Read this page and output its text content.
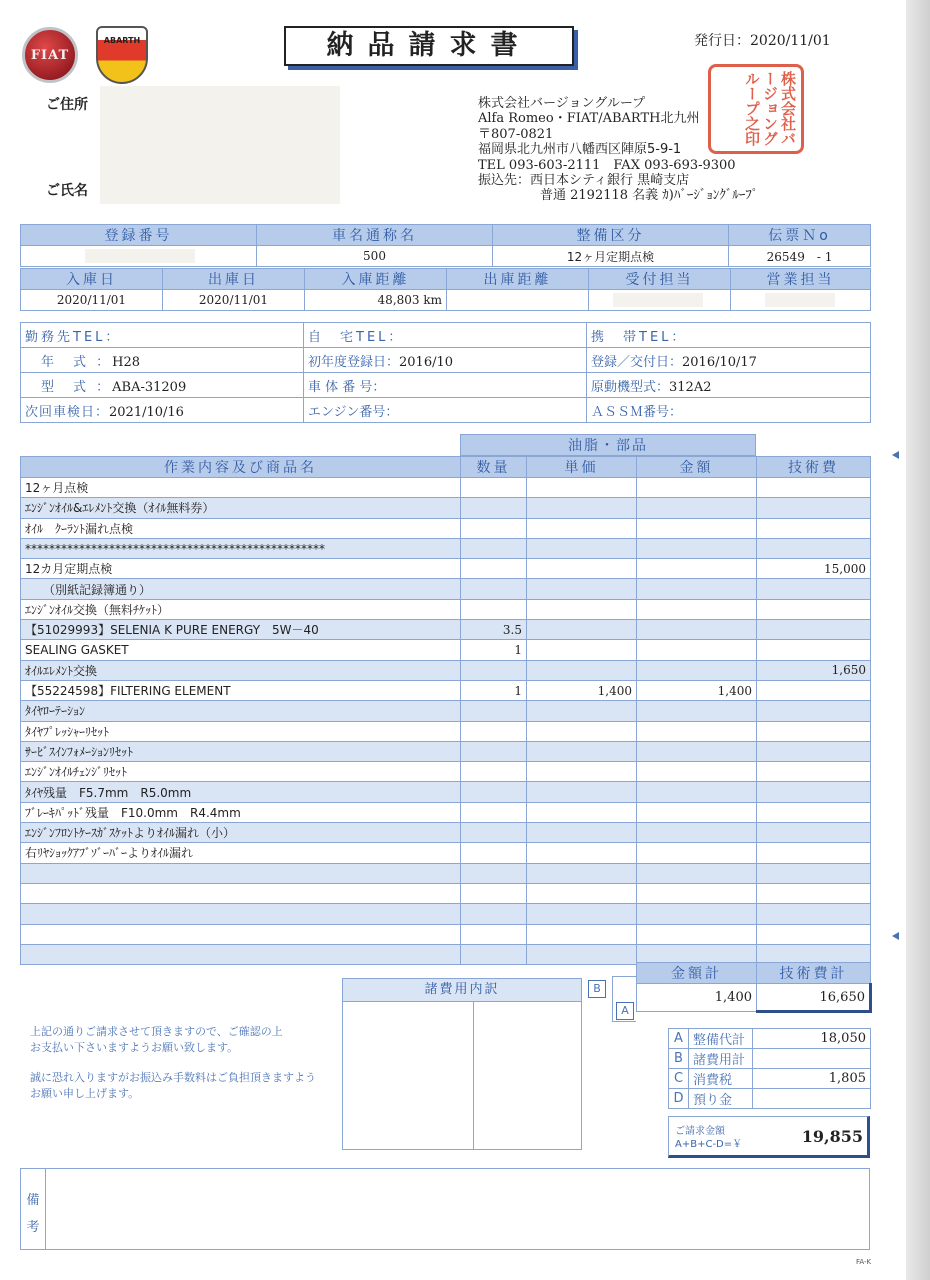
FIAT
ABARTH	納品請求書	発行日：2020/11/01
ご住所
ご氏名
株式会社バージョングループ
Alfa Romeo・FIAT/ABARTH北九州
〒807-0821
福岡県北九州市八幡西区陣原5-9-1
TEL 093-603-2111　FAX 093-693-9300
振込先：西日本シティ銀行 黒崎支店
普通 2192118 名義 ｶ)ﾊﾞｰｼﾞｮﾝｸﾞﾙｰﾌﾟ
株式会社バージョングループ之印
登録番号	車名通称名	整備区分	伝票Ｎo

	500	12ヶ月定期点検	26549　- 1
入庫日	出庫日	入庫距離	出庫距離	受付担当	営業担当
2020/11/01	2020/11/01	48,803 km		

勤務先TEL：	自　宅TEL：	携　帯TEL：
年　式 ：H28	初年度登録日：2016/10	登録／交付日：2016/10/17
型　式 ：ABA-31209	車 体 番 号：	原動機型式：312A2
次回車検日：2021/10/16	エンジン番号：	ＡＳＳＭ番号：
油脂・部品
作業内容及び商品名	数量	単価	金額	技術費
12ヶ月点検				
ｴﾝｼﾞﾝｵｲﾙ&ｴﾚﾒﾝﾄ交換（ｵｲﾙ無料券）				
ｵｲﾙ　ｸｰﾗﾝﾄ漏れ点検				
**************************************************				
12カ月定期点検				15,000
　　（別紙記録簿通り）				
ｴﾝｼﾞﾝｵｲﾙ交換（無料ﾁｹｯﾄ）				
【51029993】SELENIA K PURE ENERGY　5W－40	3.5			
SEALING GASKET	1			
ｵｲﾙｴﾚﾒﾝﾄ交換				1,650
【55224598】FILTERING ELEMENT	1	1,400	1,400	
ﾀｲﾔﾛｰﾃｰｼｮﾝ				
ﾀｲﾔﾌﾟﾚｯｼｬｰﾘｾｯﾄ				
ｻｰﾋﾞｽｲﾝﾌｫﾒｰｼｮﾝﾘｾｯﾄ				
ｴﾝｼﾞﾝｵｲﾙﾁｪﾝｼﾞﾘｾｯﾄ				
ﾀｲﾔ残量　F5.7mm　R5.0mm				
ﾌﾞﾚｰｷﾊﾟｯﾄﾞ残量　F10.0mm　R4.4mm				
ｴﾝｼﾞﾝﾌﾛﾝﾄｹｰｽｶﾞｽｹｯﾄよりｵｲﾙ漏れ（小）				
右ﾘﾔｼｮｯｸｱﾌﾞｿﾞｰﾊﾞｰよりｵｲﾙ漏れ				

諸費用内訳	B
A
金額計	技術費計
1,400	16,650
上記の通りご請求させて頂きますので、ご確認の上
お支払い下さいますようお願い致します。
誠に恐れ入りますがお振込み手数料はご負担頂きますよう
お願い申し上げます。
A	整備代計	18,050
B	諸費用計	
C	消費税	1,805
D	預り金	
ご請求金額
A+B+C-D=￥	19,855
備
考
FA-K
